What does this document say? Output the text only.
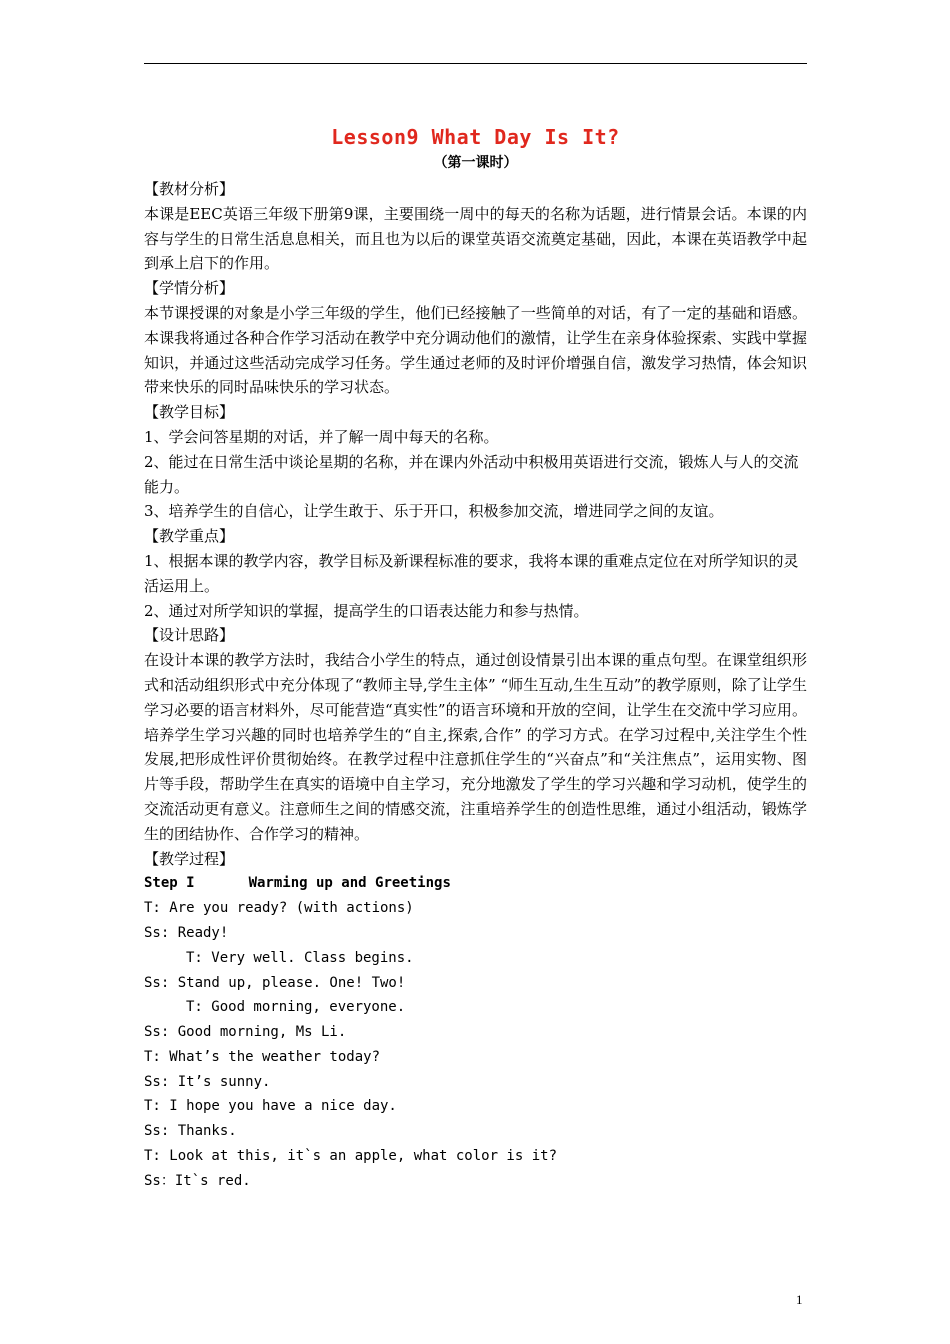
Lesson9 What Day Is It?
（第一课时）
【教材分析】
本课是EEC英语三年级下册第9课，主要围绕一周中的每天的名称为话题，进行情景会话。本课的内容与学生的日常生活息息相关，而且也为以后的课堂英语交流奠定基础，因此，本课在英语教学中起到承上启下的作用。
【学情分析】
本节课授课的对象是小学三年级的学生，他们已经接触了一些简单的对话，有了一定的基础和语感。本课我将通过各种合作学习活动在教学中充分调动他们的激情，让学生在亲身体验探索、实践中掌握知识，并通过这些活动完成学习任务。学生通过老师的及时评价增强自信，激发学习热情，体会知识带来快乐的同时品味快乐的学习状态。
【教学目标】
1、学会问答星期的对话，并了解一周中每天的名称。
2、能过在日常生活中谈论星期的名称，并在课内外活动中积极用英语进行交流，锻炼人与人的交流能力。
3、培养学生的自信心，让学生敢于、乐于开口，积极参加交流，增进同学之间的友谊。
【教学重点】
1、根据本课的教学内容，教学目标及新课程标准的要求，我将本课的重难点定位在对所学知识的灵活运用上。
2、通过对所学知识的掌握，提高学生的口语表达能力和参与热情。
【设计思路】
在设计本课的教学方法时，我结合小学生的特点，通过创设情景引出本课的重点句型。在课堂组织形式和活动组织形式中充分体现了“教师主导,学生主体” “师生互动,生生互动”的教学原则，除了让学生学习必要的语言材料外，尽可能营造“真实性”的语言环境和开放的空间，让学生在交流中学习应用。培养学生学习兴趣的同时也培养学生的“自主,探索,合作” 的学习方式。在学习过程中,关注学生个性发展,把形成性评价贯彻始终。在教学过程中注意抓住学生的“兴奋点”和“关注焦点”，运用实物、图片等手段，帮助学生在真实的语境中自主学习，充分地激发了学生的学习兴趣和学习动机，使学生的交流活动更有意义。注意师生之间的情感交流，注重培养学生的创造性思维，通过小组活动，锻炼学生的团结协作、合作学习的精神。
【教学过程】
Step I	Warming up and Greetings
T: Are you ready? (with actions)
Ss: Ready!
T: Very well. Class begins.
Ss: Stand up, please. One! Two!
T: Good morning, everyone.
Ss: Good morning, Ms Li.
T: What’s the weather today?
Ss: It’s sunny.
T: I hope you have a nice day.
Ss: Thanks.
T: Look at this, it`s an apple, what color is it?
Ss：It`s red.
1
